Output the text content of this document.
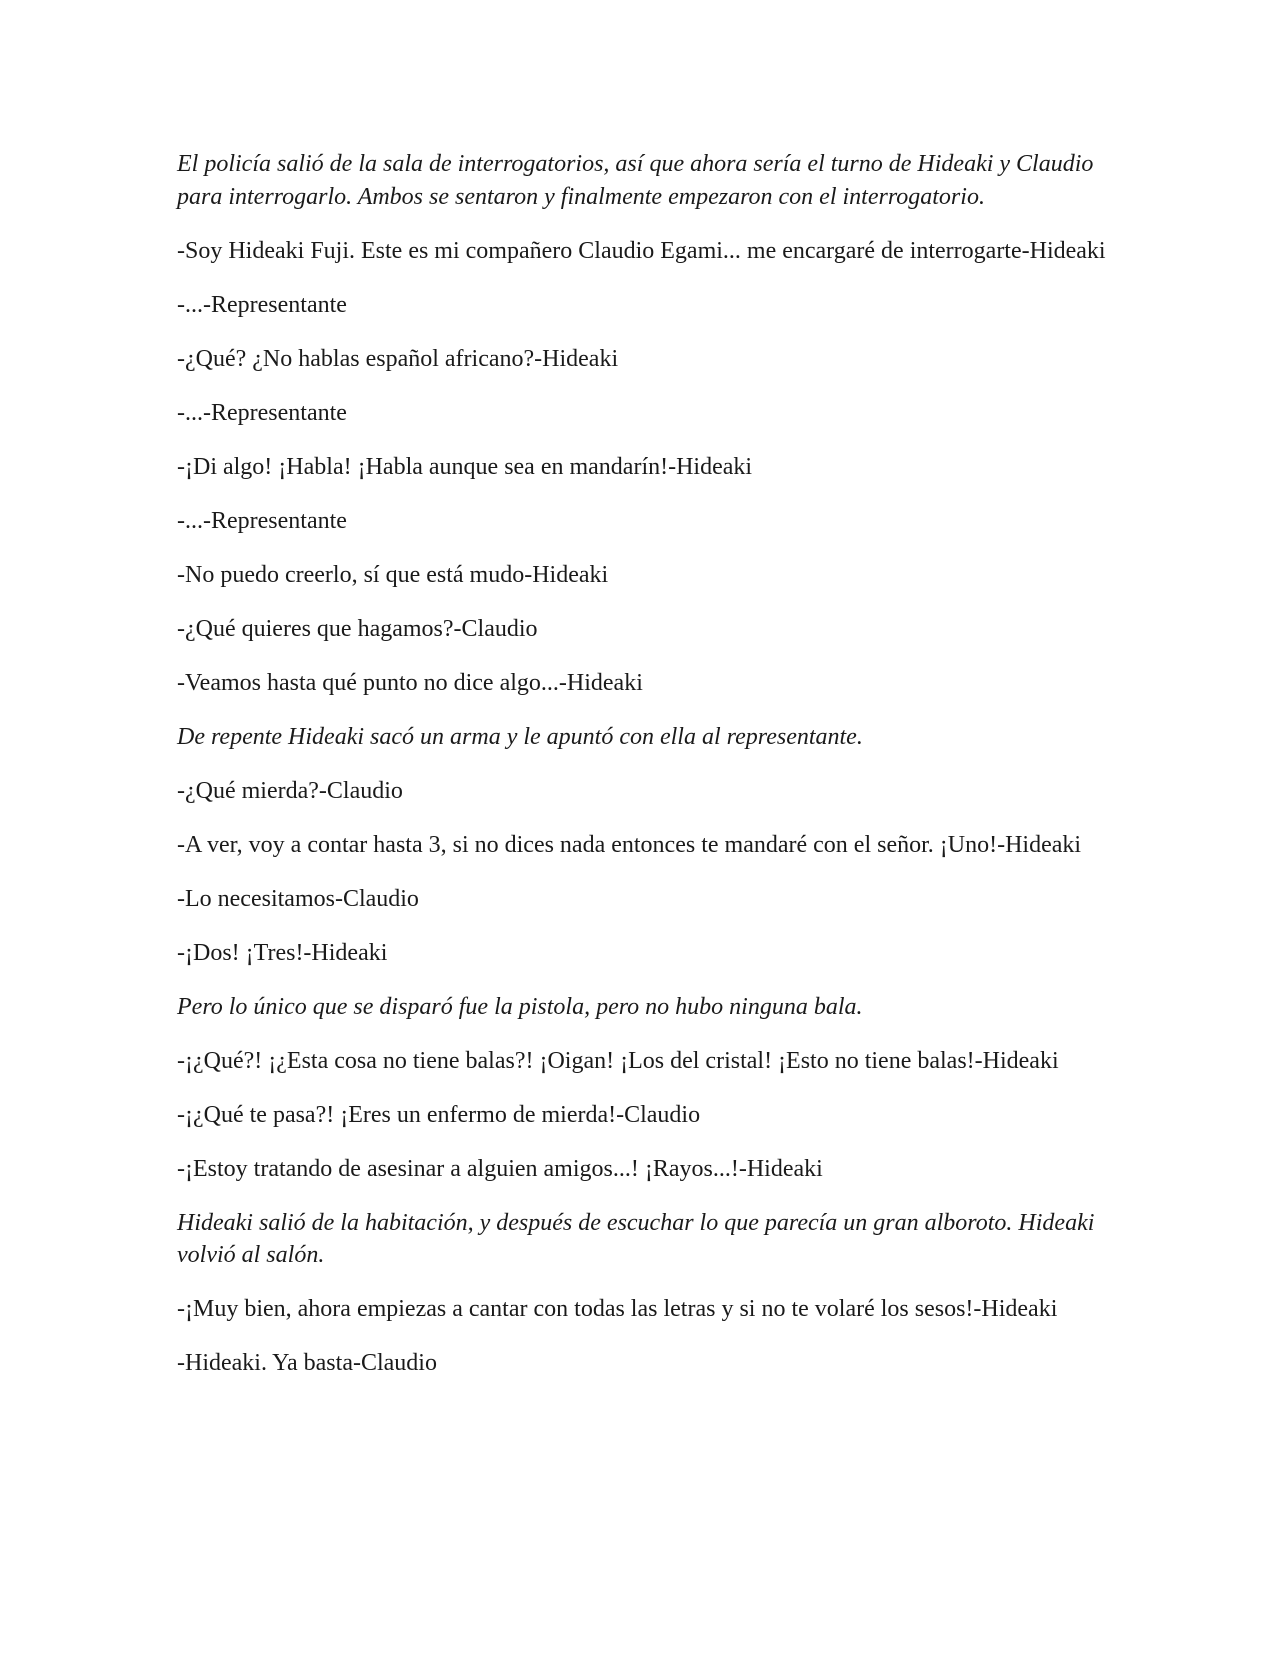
El policía salió de la sala de interrogatorios, así que ahora sería el turno de Hideaki y Claudio para interrogarlo. Ambos se sentaron y finalmente empezaron con el interrogatorio.

-Soy Hideaki Fuji. Este es mi compañero Claudio Egami... me encargaré de interrogarte-Hideaki

-...-Representante

-¿Qué? ¿No hablas español africano?-Hideaki

-...-Representante

-¡Di algo! ¡Habla! ¡Habla aunque sea en mandarín!-Hideaki

-...-Representante

-No puedo creerlo, sí que está mudo-Hideaki

-¿Qué quieres que hagamos?-Claudio

-Veamos hasta qué punto no dice algo...-Hideaki

De repente Hideaki sacó un arma y le apuntó con ella al representante.

-¿Qué mierda?-Claudio

-A ver, voy a contar hasta 3, si no dices nada entonces te mandaré con el señor. ¡Uno!-Hideaki

-Lo necesitamos-Claudio

-¡Dos! ¡Tres!-Hideaki

Pero lo único que se disparó fue la pistola, pero no hubo ninguna bala.

-¡¿Qué?! ¡¿Esta cosa no tiene balas?! ¡Oigan! ¡Los del cristal! ¡Esto no tiene balas!-Hideaki

-¡¿Qué te pasa?! ¡Eres un enfermo de mierda!-Claudio

-¡Estoy tratando de asesinar a alguien amigos...! ¡Rayos...!-Hideaki

Hideaki salió de la habitación, y después de escuchar lo que parecía un gran alboroto. Hideaki volvió al salón.

-¡Muy bien, ahora empiezas a cantar con todas las letras y si no te volaré los sesos!-Hideaki

-Hideaki. Ya basta-Claudio
